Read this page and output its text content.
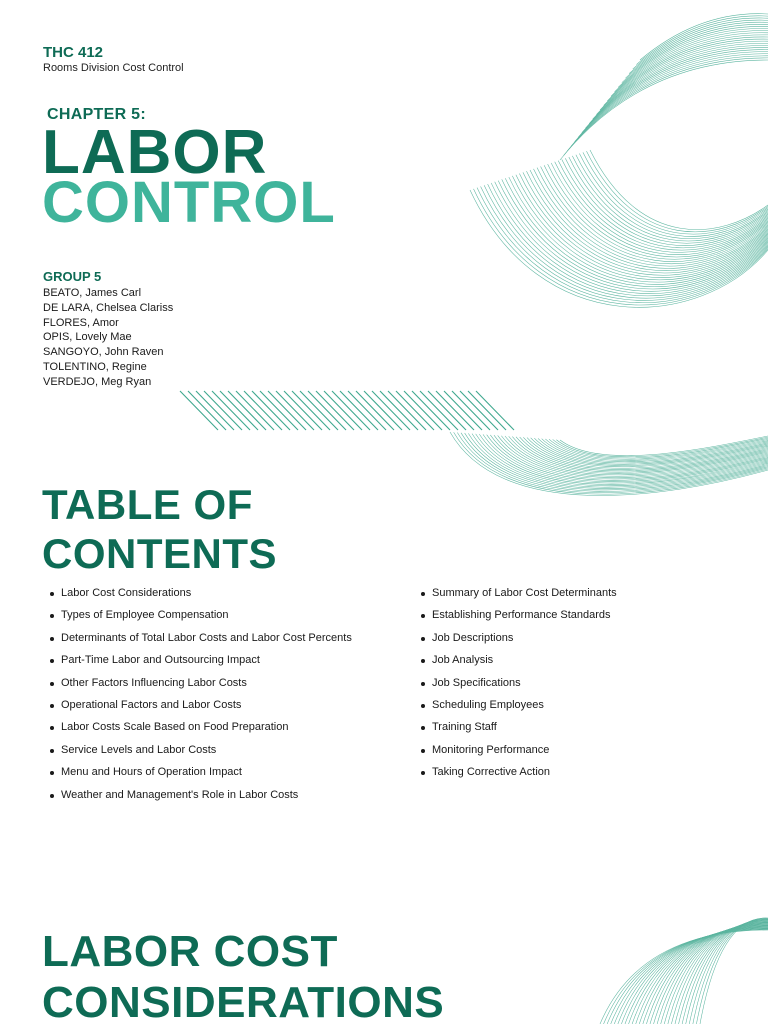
THC 412
Rooms Division Cost Control
CHAPTER 5:
LABOR
CONTROL
GROUP 5
BEATO, James Carl
DE LARA, Chelsea Clariss
FLORES, Amor
OPIS, Lovely Mae
SANGOYO, John Raven
TOLENTINO, Regine
VERDEJO, Meg Ryan
TABLE OF
CONTENTS
Labor Cost Considerations
Types of Employee Compensation
Determinants of Total Labor Costs and Labor Cost Percents
Part-Time Labor and Outsourcing Impact
Other Factors Influencing Labor Costs
Operational Factors and Labor Costs
Labor Costs Scale Based on Food Preparation
Service Levels and Labor Costs
Menu and Hours of Operation Impact
Weather and Management's Role in Labor Costs
Summary of Labor Cost Determinants
Establishing Performance Standards
Job Descriptions
Job Analysis
Job Specifications
Scheduling Employees
Training Staff
Monitoring Performance
Taking Corrective Action
LABOR COST
CONSIDERATIONS
